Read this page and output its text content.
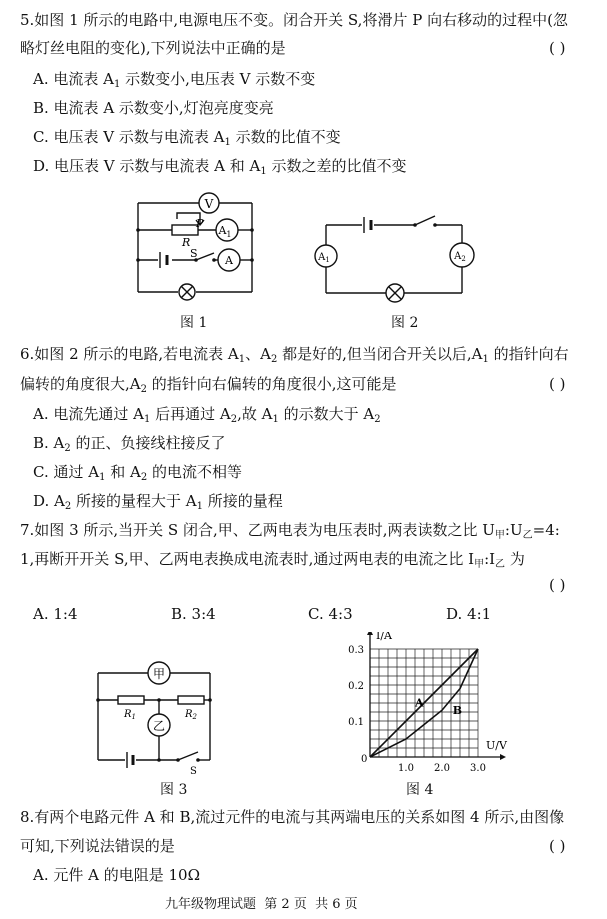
5.如图 1 所示的电路中,电源电压不变。闭合开关 S,将滑片 P 向右移动的过程中(忽
略灯丝电阻的变化),下列说法中正确的是	( )
A. 电流表 $A_1$ 示数变小,电压表 V 示数不变
B. 电流表 A 示数变小,灯泡亮度变亮
C. 电压表 V 示数与电流表 $A_1$ 示数的比值不变
D. 电压表 V 示数与电流表 A 和 $A_1$ 示数之差的比值不变
V
$A_1$
A
P
R
S
图 1
$A_1$	$A_2$
图 2
6.如图 2 所示的电路,若电流表 $A_1$、$A_2$ 都是好的,但当闭合开关以后$,A_1$ 的指针向右
偏转的角度很大$,A_2$ 的指针向右偏转的角度很小,这可能是	( )
A. 电流先通过 $A_1$ 后再通过 $A_2$,故 $A_1$ 的示数大于 $A_2$
B. $A_2$ 的正、负接线柱接反了
C. 通过 $A_1$ 和 $A_2$ 的电流不相等
D. $A_2$ 所接的量程大于 $A_1$ 所接的量程
7.如图 3 所示,当开关 S 闭合,甲、乙两电表为电压表时,两表读数之比 $U_甲:U_乙=4$:
1,再断开开关 S,甲、乙两电表换成电流表时,通过两电表的电流之比 $I_甲:I_乙$ 为
( )
A. 1:4	B. 3:4	C. 4:3	D. 4:1
甲
乙
$R_1$	$R_2$
S
图 3
I/A
U/V
A
B
0
1.0 2.0 3.0
0.1
0.2
0.3
图 4
8.有两个电路元件 A 和 B,流过元件的电流与其两端电压的关系如图 4 所示,由图像
可知,下列说法错误的是	( )
A. 元件 A 的电阻是 10Ω
九年级物理试题 第 2 页 共 6 页
